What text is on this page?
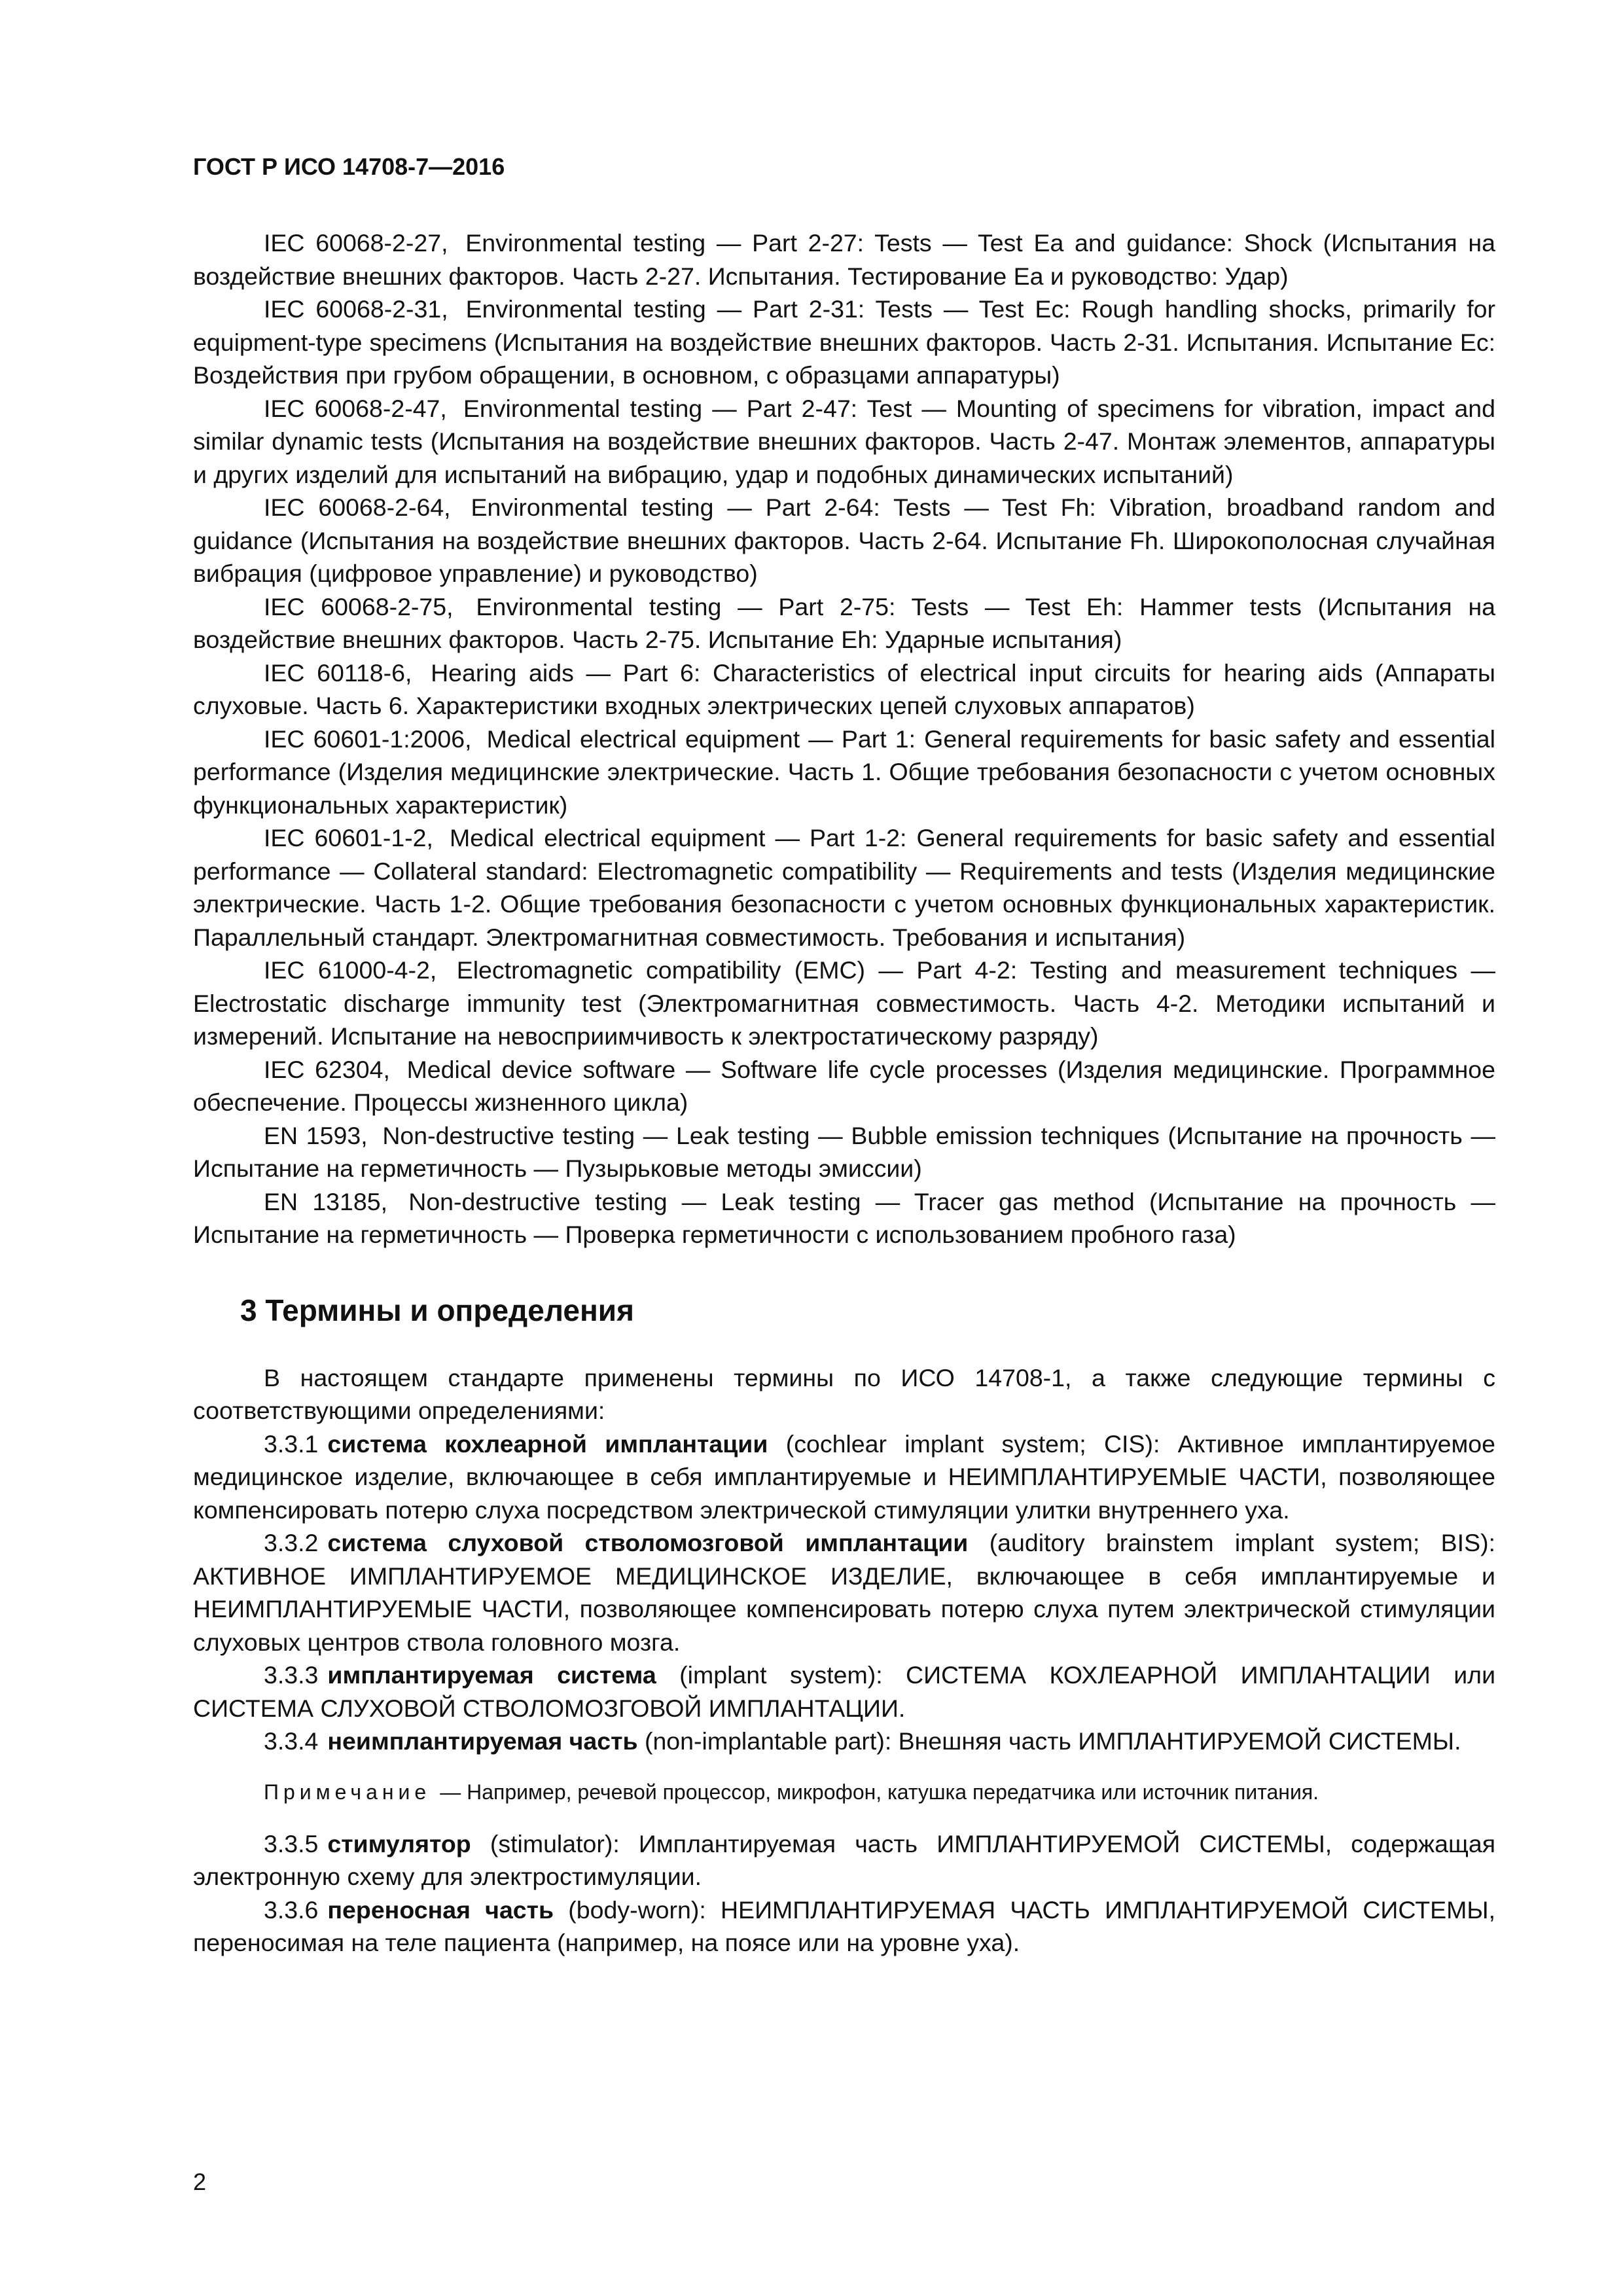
ГОСТ Р ИСО 14708-7—2016

IEC 60068-2-27, Environmental testing — Part 2-27: Tests — Test Ea and guidance: Shock (Испытания на воздействие внешних факторов. Часть 2-27. Испытания. Тестирование Ea и руководство: Удар)

IEC 60068-2-31, Environmental testing — Part 2-31: Tests — Test Ec: Rough handling shocks, primarily for equipment-type specimens (Испытания на воздействие внешних факторов. Часть 2-31. Испытания. Испытание Ec: Воздействия при грубом обращении, в основном, с образцами аппаратуры)

IEC 60068-2-47, Environmental testing — Part 2-47: Test — Mounting of specimens for vibration, impact and similar dynamic tests (Испытания на воздействие внешних факторов. Часть 2-47. Монтаж элементов, аппаратуры и других изделий для испытаний на вибрацию, удар и подобных динамических испытаний)

IEC 60068-2-64, Environmental testing — Part 2-64: Tests — Test Fh: Vibration, broadband random and guidance (Испытания на воздействие внешних факторов. Часть 2-64. Испытание Fh. Широкополосная случайная вибрация (цифровое управление) и руководство)

IEC 60068-2-75, Environmental testing — Part 2-75: Tests — Test Eh: Hammer tests (Испытания на воздействие внешних факторов. Часть 2-75. Испытание Eh: Ударные испытания)

IEC 60118-6, Hearing aids — Part 6: Characteristics of electrical input circuits for hearing aids (Аппараты слуховые. Часть 6. Характеристики входных электрических цепей слуховых аппаратов)

IEC 60601-1:2006, Medical electrical equipment — Part 1: General requirements for basic safety and essential performance (Изделия медицинские электрические. Часть 1. Общие требования безопасности с учетом основных функциональных характеристик)

IEC 60601-1-2, Medical electrical equipment — Part 1-2: General requirements for basic safety and essential performance — Collateral standard: Electromagnetic compatibility — Requirements and tests (Изделия медицинские электрические. Часть 1-2. Общие требования безопасности с учетом основных функциональных характеристик. Параллельный стандарт. Электромагнитная совместимость. Требования и испытания)

IEC 61000-4-2, Electromagnetic compatibility (EMC) — Part 4-2: Testing and measurement techniques — Electrostatic discharge immunity test (Электромагнитная совместимость. Часть 4-2. Методики испытаний и измерений. Испытание на невосприимчивость к электростатическому разряду)

IEC 62304, Medical device software — Software life cycle processes (Изделия медицинские. Программное обеспечение. Процессы жизненного цикла)

EN 1593, Non-destructive testing — Leak testing — Bubble emission techniques (Испытание на прочность — Испытание на герметичность — Пузырьковые методы эмиссии)

EN 13185, Non-destructive testing — Leak testing — Tracer gas method (Испытание на прочность — Испытание на герметичность — Проверка герметичности с использованием пробного газа)

3 Термины и определения

В настоящем стандарте применены термины по ИСО 14708-1, а также следующие термины с соответствующими определениями:

3.3.1 система кохлеарной имплантации (cochlear implant system; CIS): Активное имплантируемое медицинское изделие, включающее в себя имплантируемые и НЕИМПЛАНТИРУЕМЫЕ ЧАСТИ, позволяющее компенсировать потерю слуха посредством электрической стимуляции улитки внутреннего уха.

3.3.2 система слуховой стволомозговой имплантации (auditory brainstem implant system; BIS): АКТИВНОЕ ИМПЛАНТИРУЕМОЕ МЕДИЦИНСКОЕ ИЗДЕЛИЕ, включающее в себя имплантируемые и НЕИМПЛАНТИРУЕМЫЕ ЧАСТИ, позволяющее компенсировать потерю слуха путем электрической стимуляции слуховых центров ствола головного мозга.

3.3.3 имплантируемая система (implant system): СИСТЕМА КОХЛЕАРНОЙ ИМПЛАНТАЦИИ или СИСТЕМА СЛУХОВОЙ СТВОЛОМОЗГОВОЙ ИМПЛАНТАЦИИ.

3.3.4 неимплантируемая часть (non-implantable part): Внешняя часть ИМПЛАНТИРУЕМОЙ СИСТЕМЫ.

Примечание — Например, речевой процессор, микрофон, катушка передатчика или источник питания.

3.3.5 стимулятор (stimulator): Имплантируемая часть ИМПЛАНТИРУЕМОЙ СИСТЕМЫ, содержащая электронную схему для электростимуляции.

3.3.6 переносная часть (body-worn): НЕИМПЛАНТИРУЕМАЯ ЧАСТЬ ИМПЛАНТИРУЕМОЙ СИСТЕМЫ, переносимая на теле пациента (например, на поясе или на уровне уха).

2
